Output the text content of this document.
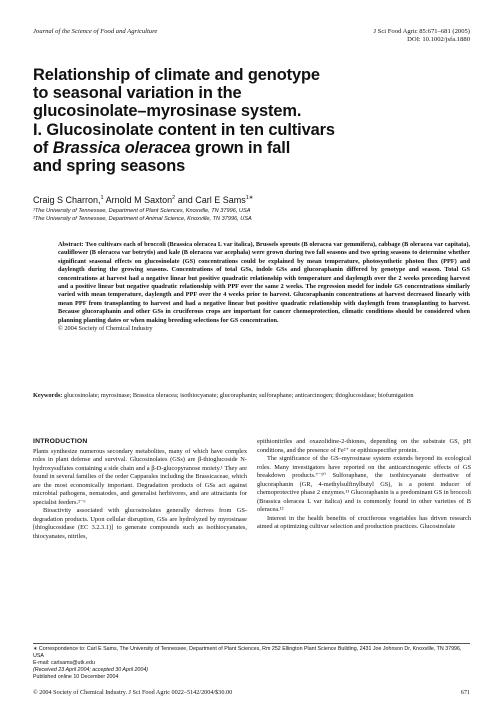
Journal of the Science of Food and Agriculture	J Sci Food Agric 85:671–681 (2005)
DOI: 10.1002/jsfa.1880
Relationship of climate and genotype
to seasonal variation in the
glucosinolate–myrosinase system.
I. Glucosinolate content in ten cultivars
of Brassica oleracea grown in fall
and spring seasons
Craig S Charron,$^1$ Arnold M Saxton$^2$ and Carl E Sams$^{1∗}$
¹The University of Tennessee, Department of Plant Sciences, Knoxville, TN 37996, USA
²The University of Tennessee, Department of Animal Science, Knoxville, TN 37996, USA
Abstract: Two cultivars each of broccoli (Brassica oleracea L var italica), Brussels sprouts (B oleracea var gemmifera), cabbage (B oleracea var capitata), cauliflower (B oleracea var botrytis) and kale (B oleracea var acephala) were grown during two fall seasons and two spring seasons to determine whether significant seasonal effects on glucosinolate (GS) concentrations could be explained by mean temperature, photosynthetic photon flux (PPF) and daylength during the growing seasons. Concentrations of total GSs, indole GSs and glucoraphanin differed by genotype and season. Total GS concentrations at harvest had a negative linear but positive quadratic relationship with temperature and daylength over the 2 weeks preceding harvest and a positive linear but negative quadratic relationship with PPF over the same 2 weeks. The regression model for indole GS concentrations similarly varied with mean temperature, daylength and PPF over the 4 weeks prior to harvest. Glucoraphanin concentrations at harvest decreased linearly with mean PPF from transplanting to harvest and had a negative linear but positive quadratic relationship with daylength from transplanting to harvest. Because glucoraphanin and other GSs in cruciferous crops are important for cancer chemoprotection, climatic conditions should be considered when planning planting dates or when making breeding selections for GS concentration.
© 2004 Society of Chemical Industry
Keywords: glucosinolate; myrosinase; Brassica oleracea; isothiocyanate; glucoraphanin; sulforaphane; anticarcinogen; thioglucosidase; biofumigation
INTRODUCTION

Plants synthesize numerous secondary metabolites, many of which have complex roles in plant defense and survival. Glucosinolates (GSs) are β-thioglucoside N-hydroxysulfates containing a side chain and a β-D-glucopyranose moiety.¹ They are found in several families of the order Capparales including the Brassicaceae, which are the most economically important. Degradation products of GSs act against microbial pathogens, nematodes, and generalist herbivores, and are attractants for specialist feeders.²⁻⁶

Bioactivity associated with glucosinolates generally derives from GS-degradation products. Upon cellular disruption, GSs are hydrolyzed by myrosinase [thioglucosidase (EC 3.2.3.1)] to generate compounds such as isothiocyanates, thiocyanates, nitriles,

epithionitriles and oxazolidine-2-thiones, depending on the substrate GS, pH conditions, and the presence of Fe²⁺ or epithiospecifier protein.

The significance of the GS–myrosinase system extends beyond its ecological roles. Many investigators have reported on the anticarcinogenic effects of GS breakdown products.⁷⁻¹⁰ Sulforaphane, the isothiocyanate derivative of glucoraphanin (GR, 4-methylsulfinylbutyl GS), is a potent inducer of chemoprotective phase 2 enzymes.¹¹ Glucoraphanin is a predominant GS in broccoli (Brassica oleracea L var italica) and is commonly found in other varieties of B oleracea.¹²

Interest in the health benefits of cruciferous vegetables has driven research aimed at optimizing cultivar selection and production practices. Glucosinolate

∗ Correspondence to: Carl E Sams, The University of Tennessee, Department of Plant Sciences, Rm 252 Ellington Plant Science Building, 2431 Joe Johnson Dr, Knoxville, TN 37996, USA
E-mail: carlsams@utk.edu
(Received 23 April 2004; accepted 30 April 2004)
Published online 10 December 2004
© 2004 Society of Chemical Industry. J Sci Food Agric 0022–5142/2004/$30.00	671
